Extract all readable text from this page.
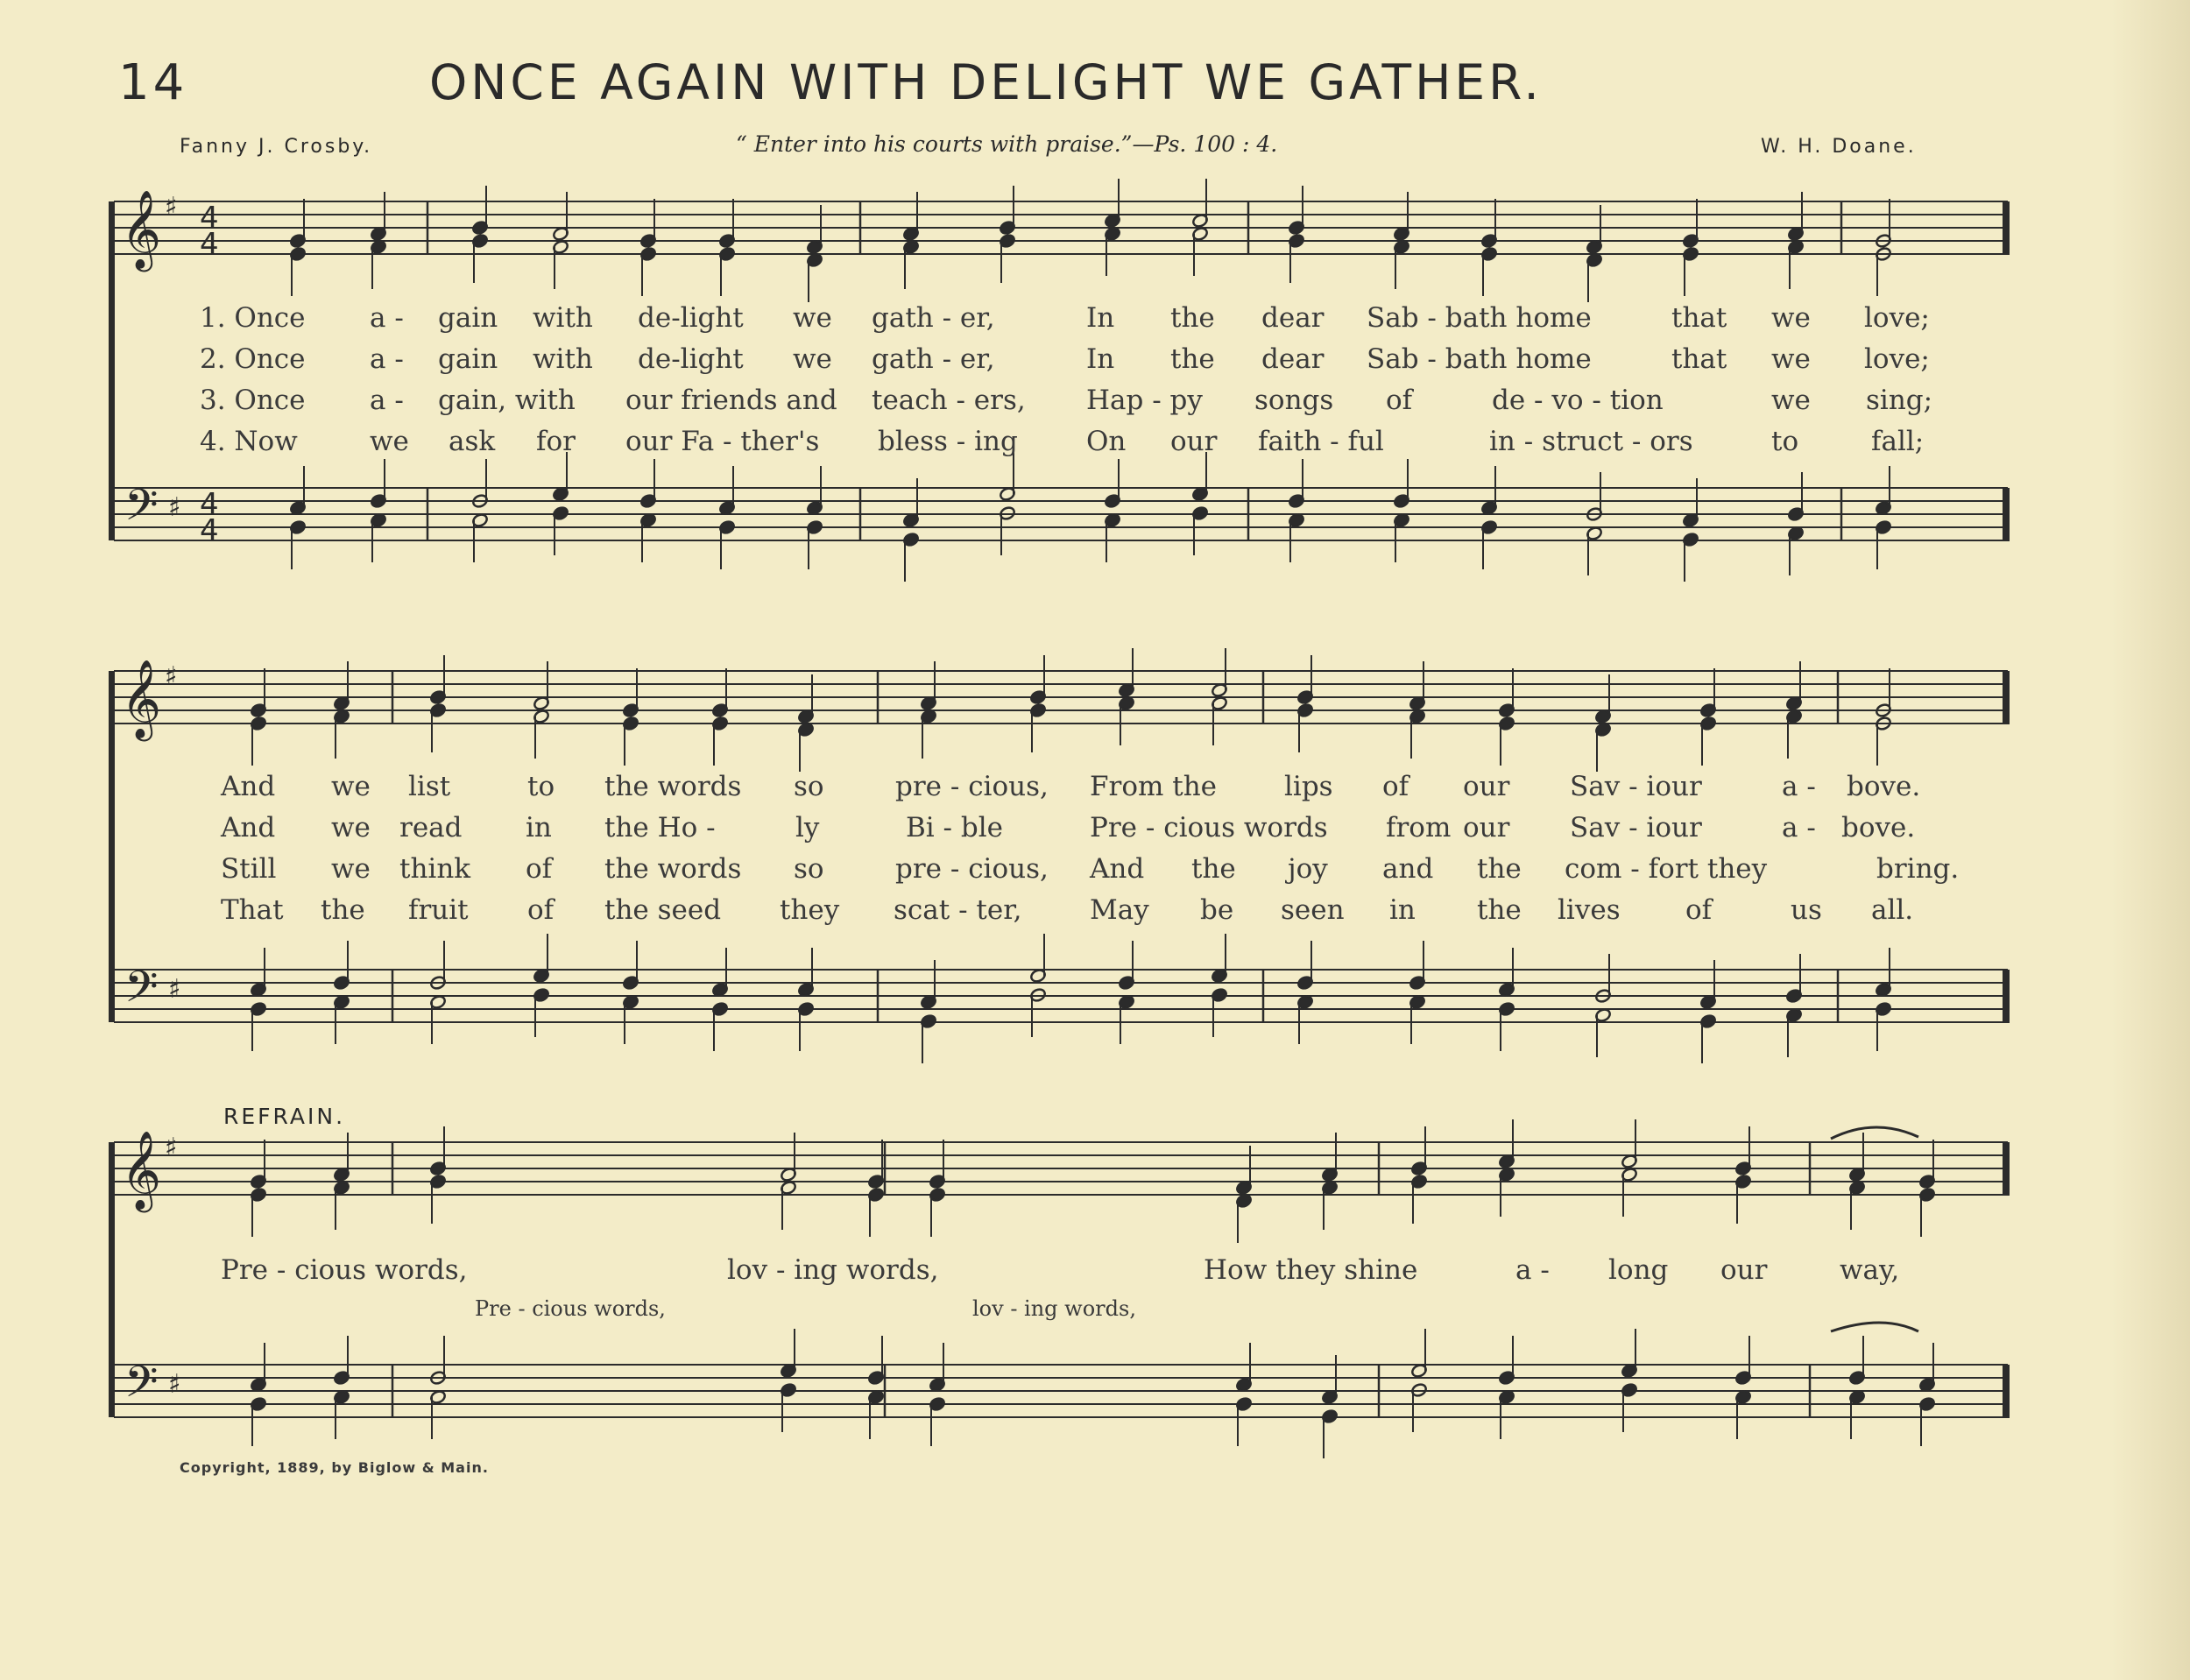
14	ONCE AGAIN WITH DELIGHT WE GATHER.
Fanny J. Crosby.	“ Enter into his courts with praise.”—Ps. 100 : 4.	W. H. Doane.
𝄞
𝄢
♯
♯
4
4
4
4
𝄞
𝄢
♯
♯
𝄞
𝄢
♯
♯
1. Once a - gain with de-light we gath - er,	In the dear Sab - bath home	that we love;
2. Once a - gain with de-light we gath - er,	In the dear Sab - bath home	that we love;
3. Once a - gain, with our friends and teach - ers, Hap - py songs of	de - vo - tion	we sing;
4. Now	we ask for our Fa - ther's bless - ing	On our faith - ful	in - struct - ors	to	fall;
And we list	to the words so	pre - cious, From the lips of our Sav - iour	a - bove.
And we read in the Ho -	ly	Bi - ble	Pre - cious words from our Sav - iour	a - bove.
Still we think of the words so	pre - cious, And the joy and the com - fort they	bring.
That the fruit of the seed they scat - ter,	May be seen in the lives of	us all.
REFRAIN.
Pre - cious words,	lov - ing words,	How they shine	a - long our	way,
Pre - cious words,	lov - ing words,
Copyright, 1889, by Biglow & Main.
